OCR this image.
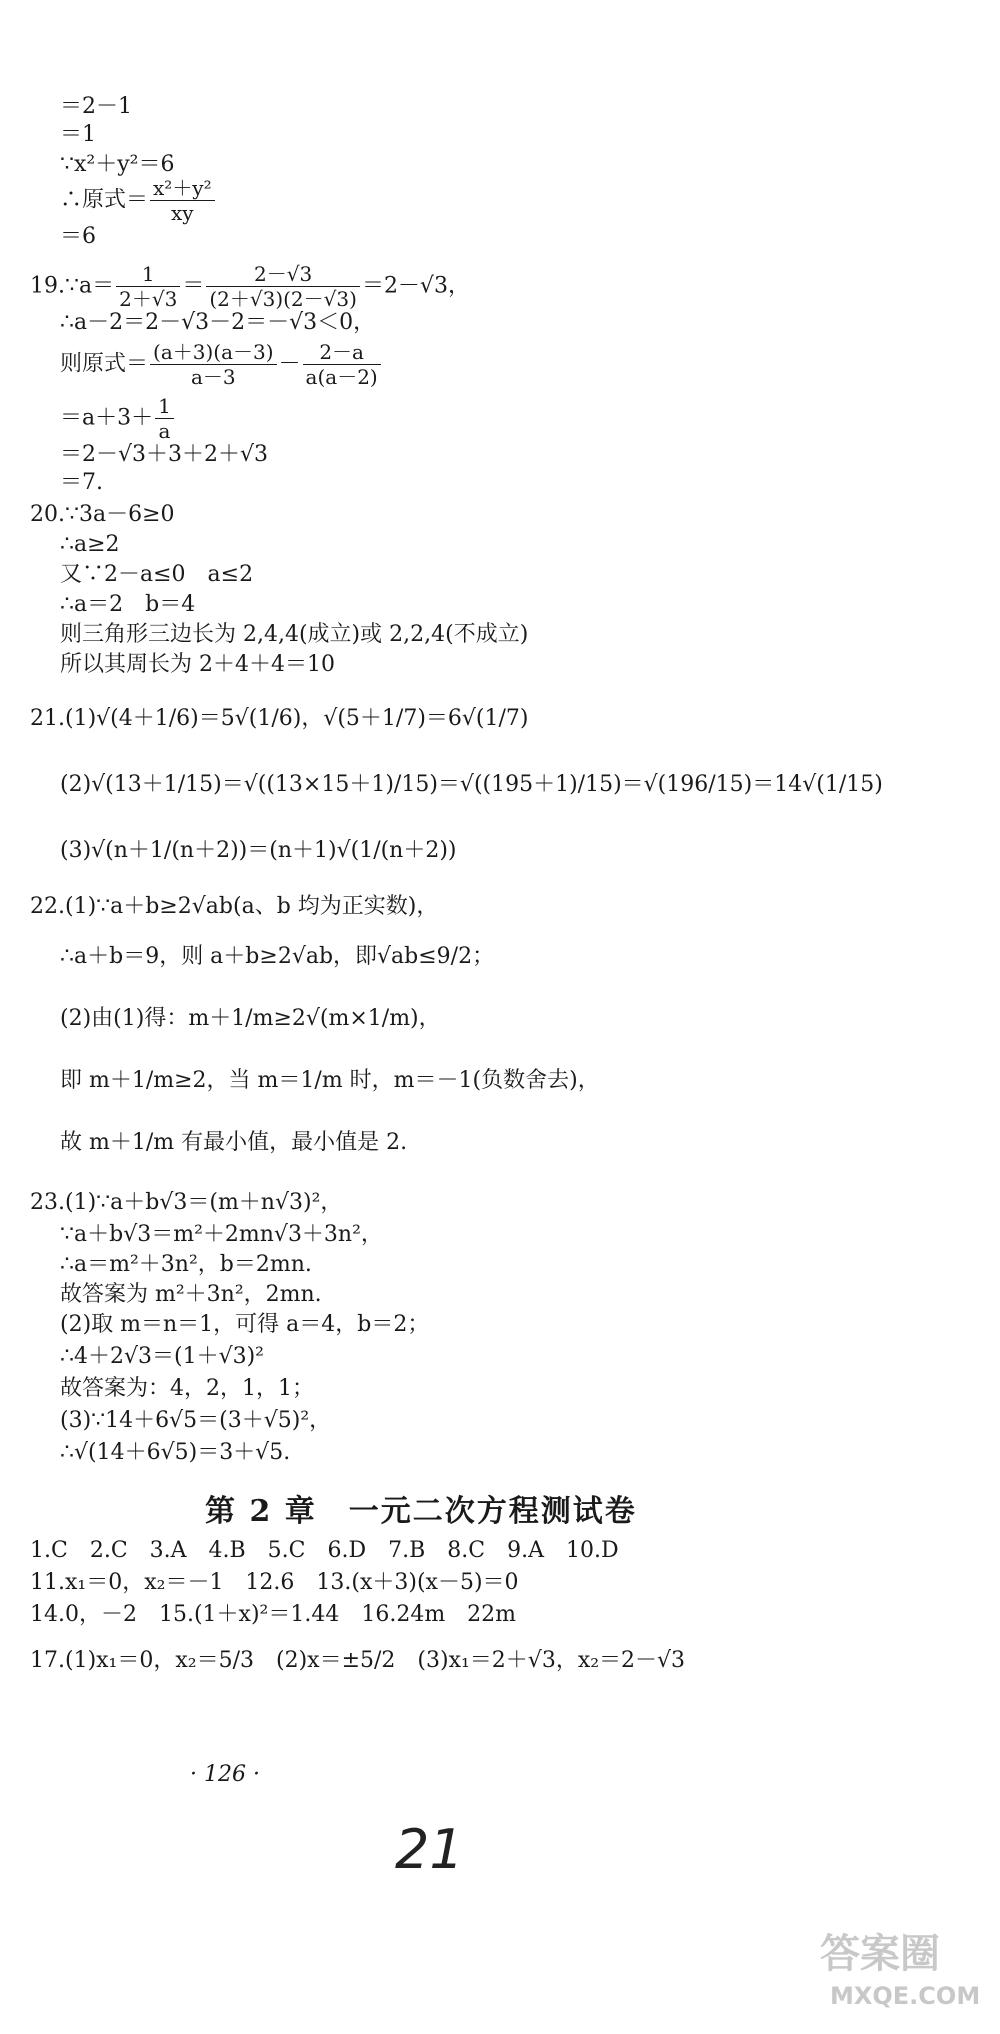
＝2－1
＝1
∵x²＋y²＝6
∴原式＝ $\frac{\text{x²＋y²}}{xy}$
＝6
19.∵a＝ $\frac{1}{2+√3} = \frac{2-√3}{(2+√3)(2-√3)} =2-√3$，
∴a－2＝2－√3－2＝－√3＜0，
则原式＝ $\frac{(a+3)(a-3)}{a-3} - \frac{2-a}{a(a-2)}$
$=a+3+ \frac{1}{a}$
＝2－√3＋3＋2＋√3
＝7.
20.∵3a－6≥0
∴a≥2
又∵2－a≤0　a≤2
∴a＝2　b＝4
则三角形三边长为 2,4,4(成立)或 2,2,4(不成立)
所以其周长为 2＋4＋4＝10
21.(1)√(4＋1/6)＝5√(1/6)，√(5＋1/7)＝6√(1/7)
(2)√(13＋1/15)＝√((13×15＋1)/15)＝√((195＋1)/15)＝√(196/15)＝14√(1/15)
(3)√(n＋1/(n＋2))＝(n＋1)√(1/(n＋2))
22.(1)∵a＋b≥2√ab(a、b 均为正实数)，
∴a＋b＝9，则 a＋b≥2√ab，即√ab≤9/2；
(2)由(1)得：m＋1/m≥2√(m×1/m)，
即 m＋1/m≥2，当 m＝1/m 时，m＝－1(负数舍去)，
故 m＋1/m 有最小值，最小值是 2.
23.(1)∵a＋b√3＝(m＋n√3)²，
∵a＋b√3＝m²＋2mn√3＋3n²，
∴a＝m²＋3n²，b＝2mn.
故答案为 m²＋3n²，2mn.
(2)取 m＝n＝1，可得 a＝4，b＝2；
∴4＋2√3＝(1＋√3)²
故答案为：4，2，1，1；
(3)∵14＋6√5＝(3＋√5)²，
∴√(14＋6√5)＝3＋√5.
第 2 章　一元二次方程测试卷
1.C　2.C　3.A　4.B　5.C　6.D　7.B　8.C　9.A　10.D
11.x₁＝0，x₂＝－1　12.6　13.(x＋3)(x－5)＝0
14.0，－2　15.(1＋x)²＝1.44　16.24m　22m
17.(1)x₁＝0，x₂＝5/3　(2)x＝±5/2　(3)x₁＝2＋√3，x₂＝2－√3
· 126 ·
21
答案圈
MXQE.COM
